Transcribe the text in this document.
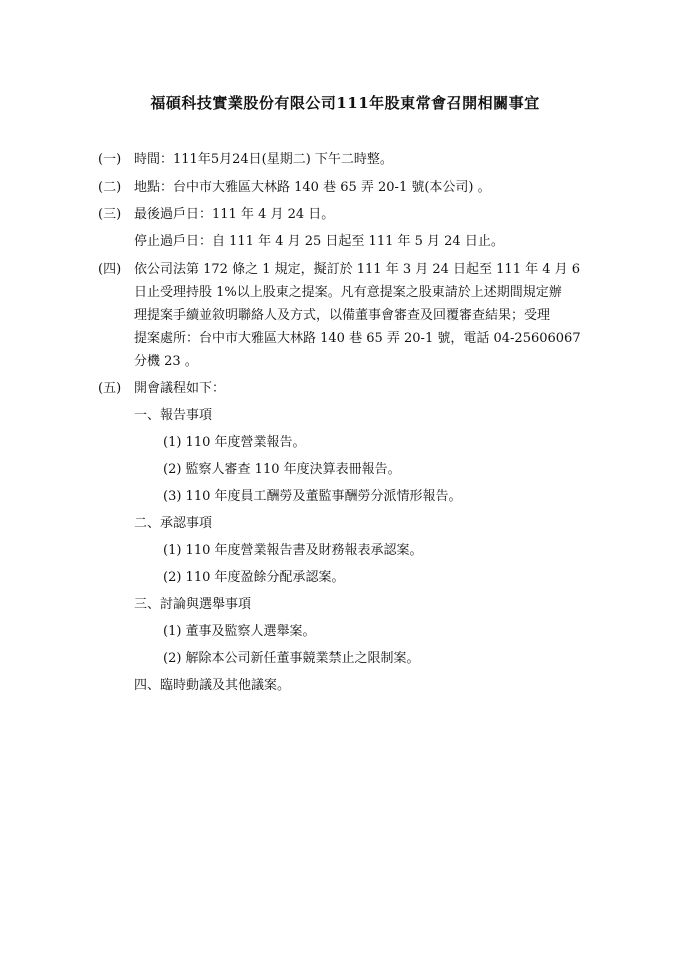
福碩科技實業股份有限公司111年股東常會召開相關事宜
(一) 時間：111年5月24日(星期二) 下午二時整。
(二) 地點：台中市大雅區大林路 140 巷 65 弄 20-1 號(本公司) 。
(三) 最後過戶日：111 年 4 月 24 日。
停止過戶日：自 111 年 4 月 25 日起至 111 年 5 月 24 日止。
(四) 依公司法第 172 條之 1 規定，擬訂於 111 年 3 月 24 日起至 111 年 4 月 6
日止受理持股 1%以上股東之提案。凡有意提案之股東請於上述期間規定辦
理提案手續並敘明聯絡人及方式，以備董事會審查及回覆審查結果；受理
提案處所：台中市大雅區大林路 140 巷 65 弄 20-1 號，電話 04-25606067
分機 23 。
(五) 開會議程如下：
一、報告事項
(1) 110 年度營業報告。
(2) 監察人審查 110 年度決算表冊報告。
(3) 110 年度員工酬勞及董監事酬勞分派情形報告。
二、承認事項
(1) 110 年度營業報告書及財務報表承認案。
(2) 110 年度盈餘分配承認案。
三、討論與選舉事項
(1) 董事及監察人選舉案。
(2) 解除本公司新任董事競業禁止之限制案。
四、臨時動議及其他議案。
